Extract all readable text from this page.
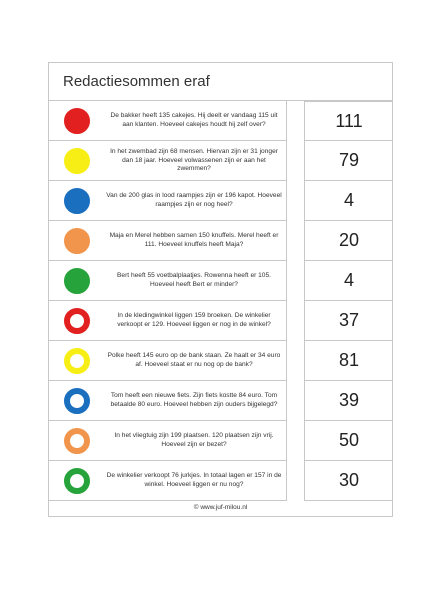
Redactiesommen eraf
De bakker heeft 135 cakejes. Hij deelt er vandaag 115 uit aan klanten. Hoeveel cakejes houdt hij zelf over?	111
In het zwembad zijn 68 mensen. Hiervan zijn er 31 jonger dan 18 jaar. Hoeveel volwassenen zijn er aan het zwemmen?	79
Van de 200 glas in lood raampjes zijn er 196 kapot. Hoeveel raampjes zijn er nog heel?	4
Maja en Merel hebben samen 150 knuffels. Merel heeft er 111. Hoeveel knuffels heeft Maja?	20
Bert heeft 55 voetbalplaatjes. Rowenna heeft er 105. Hoeveel heeft Bert er minder?	4
In de kledingwinkel liggen 159 broeken. De winkelier verkoopt er 129. Hoeveel liggen er nog in de winkel?	37
Polke heeft 145 euro op de bank staan. Ze haalt er 34 euro af. Hoeveel staat er nu nog op de bank?	81
Tom heeft een nieuwe fiets. Zijn fiets kostte 84 euro. Tom betaalde 80 euro. Hoeveel hebben zijn ouders bijgelegd?	39
In het vliegtuig zijn 199 plaatsen. 120 plaatsen zijn vrij. Hoeveel zijn er bezet?	50
De winkelier verkoopt 76 jurkjes. In totaal lagen er 157 in de winkel. Hoeveel liggen er nu nog?	30
© www.juf-milou.nl
